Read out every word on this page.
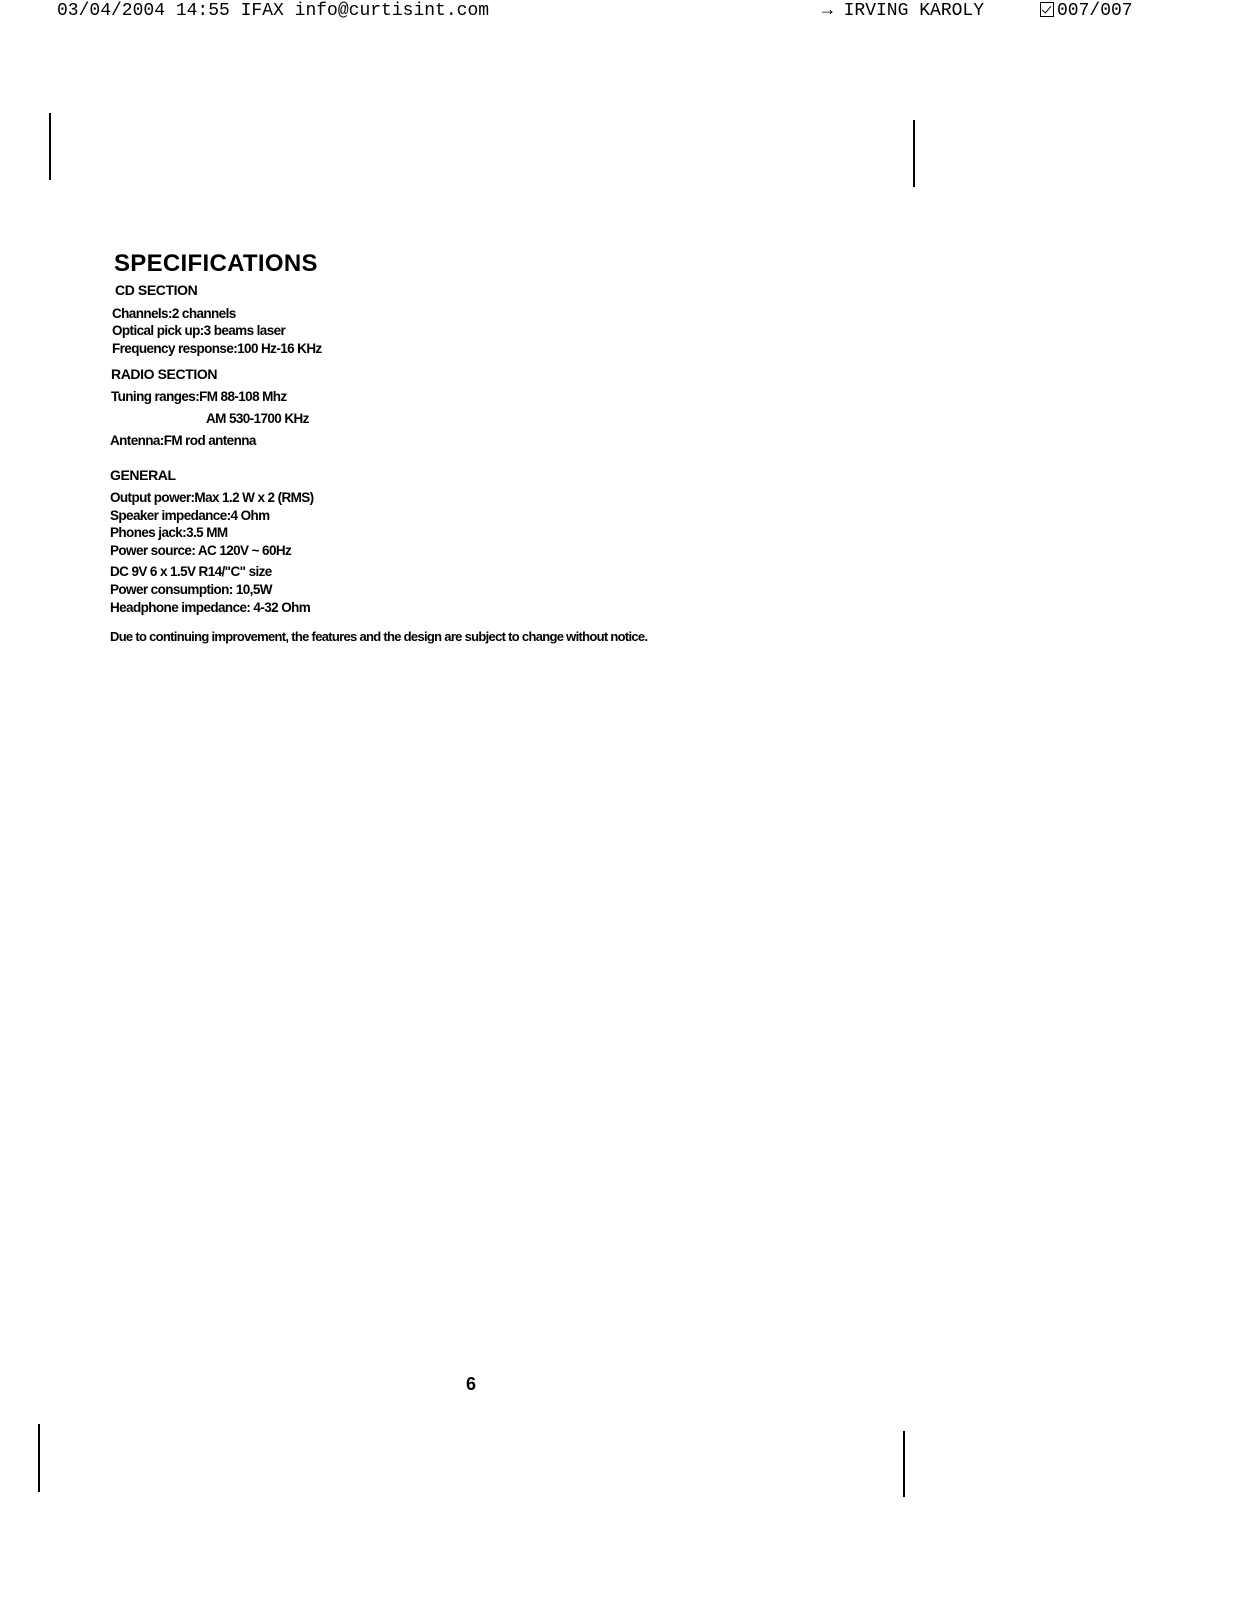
03/04/2004 14:55 IFAX info@curtisint.com

	→ IRVING KAROLY

	007/007

SPECIFICATIONS
CD SECTION
Channels:2 channels
Optical pick up:3 beams laser
Frequency response:100 Hz-16 KHz
RADIO SECTION
Tuning ranges:FM 88-108 Mhz
AM 530-1700 KHz
Antenna:FM rod antenna
GENERAL
Output power:Max 1.2 W x 2 (RMS)
Speaker impedance:4 Ohm
Phones jack:3.5 MM
Power source: AC 120V ~ 60Hz
DC 9V 6 x 1.5V R14/"C" size
Power consumption: 10,5W
Headphone impedance: 4-32 Ohm
Due to continuing improvement, the features and the design are subject to change without notice.
6
